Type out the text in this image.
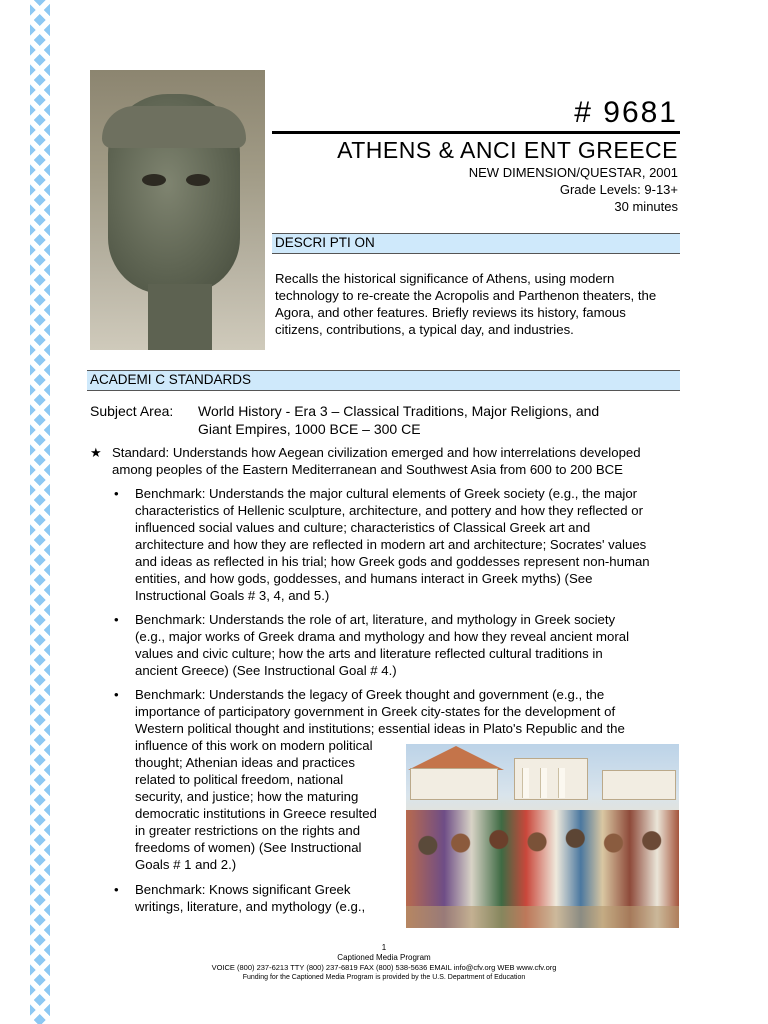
# 9681
ATHENS & ANCI ENT GREECE
NEW DIMENSION/QUESTAR, 2001
Grade Levels: 9-13+
30 minutes
DESCRI PTI ON
Recalls the historical significance of Athens, using modern
technology to re-create the Acropolis and Parthenon theaters, the
Agora, and other features. Briefly reviews its history, famous
citizens, contributions, a typical day, and industries.
ACADEMI C STANDARDS
Subject Area: World History - Era 3 – Classical Traditions, Major Religions, and
Giant Empires, 1000 BCE – 300 CE
★ Standard: Understands how Aegean civilization emerged and how interrelations developed
among peoples of the Eastern Mediterranean and Southwest Asia from 600 to 200 BCE
• Benchmark: Understands the major cultural elements of Greek society (e.g., the major
characteristics of Hellenic sculpture, architecture, and pottery and how they reflected or
influenced social values and culture; characteristics of Classical Greek art and
architecture and how they are reflected in modern art and architecture; Socrates' values
and ideas as reflected in his trial; how Greek gods and goddesses represent non-human
entities, and how gods, goddesses, and humans interact in Greek myths) (See
Instructional Goals # 3, 4, and 5.)
• Benchmark: Understands the role of art, literature, and mythology in Greek society
(e.g., major works of Greek drama and mythology and how they reveal ancient moral
values and civic culture; how the arts and literature reflected cultural traditions in
ancient Greece) (See Instructional Goal # 4.)
• Benchmark: Understands the legacy of Greek thought and government (e.g., the
importance of participatory government in Greek city-states for the development of
Western political thought and institutions; essential ideas in Plato's Republic and the
influence of this work on modern political
thought; Athenian ideas and practices
related to political freedom, national
security, and justice; how the maturing
democratic institutions in Greece resulted
in greater restrictions on the rights and
freedoms of women) (See Instructional
Goals # 1 and 2.)
• Benchmark: Knows significant Greek
writings, literature, and mythology (e.g.,
1
Captioned Media Program
VOICE (800) 237-6213 TTY (800) 237-6819 FAX (800) 538-5636 EMAIL info@cfv.org WEB www.cfv.org
Funding for the Captioned Media Program is provided by the U.S. Department of Education
